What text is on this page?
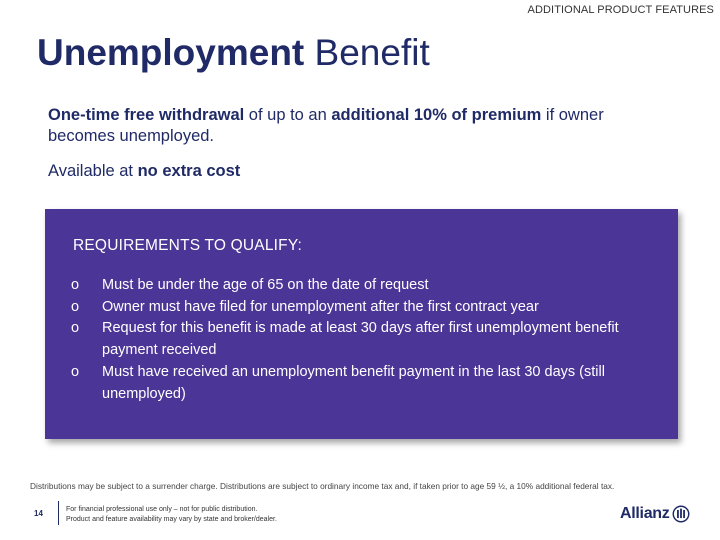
ADDITIONAL PRODUCT FEATURES
Unemployment Benefit
One-time free withdrawal of up to an additional 10% of premium if owner becomes unemployed.
Available at no extra cost
REQUIREMENTS TO QUALIFY:
o Must be under the age of 65 on the date of request
o Owner must have filed for unemployment after the first contract year
o Request for this benefit is made at least 30 days after first unemployment benefit payment received
o Must have received an unemployment benefit payment in the last 30 days (still unemployed)
Distributions may be subject to a surrender charge. Distributions are subject to ordinary income tax and, if taken prior to age 59 ½, a 10% additional federal tax.
14	For financial professional use only – not for public distribution.
Product and feature availability may vary by state and broker/dealer.	Allianz
